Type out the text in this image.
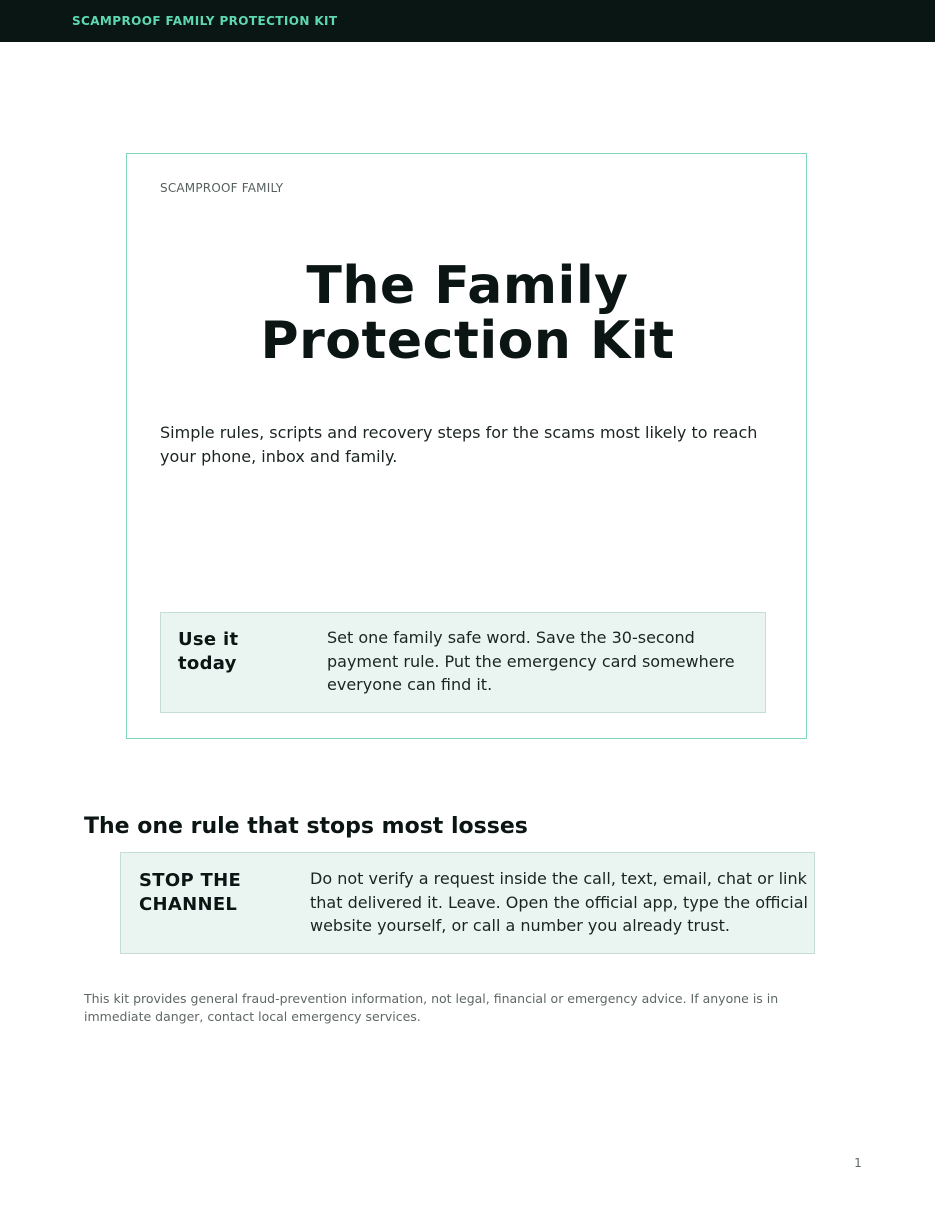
SCAMPROOF FAMILY PROTECTION KIT
SCAMPROOF FAMILY
The Family
Protection Kit
Simple rules, scripts and recovery steps for the scams most likely to reach your phone, inbox and family.
Use it today
Set one family safe word. Save the 30-second payment rule. Put the emergency card somewhere everyone can find it.
The one rule that stops most losses
STOP THE CHANNEL
Do not verify a request inside the call, text, email, chat or link that delivered it. Leave. Open the official app, type the official website yourself, or call a number you already trust.
This kit provides general fraud-prevention information, not legal, financial or emergency advice. If anyone is in immediate danger, contact local emergency services.
1
